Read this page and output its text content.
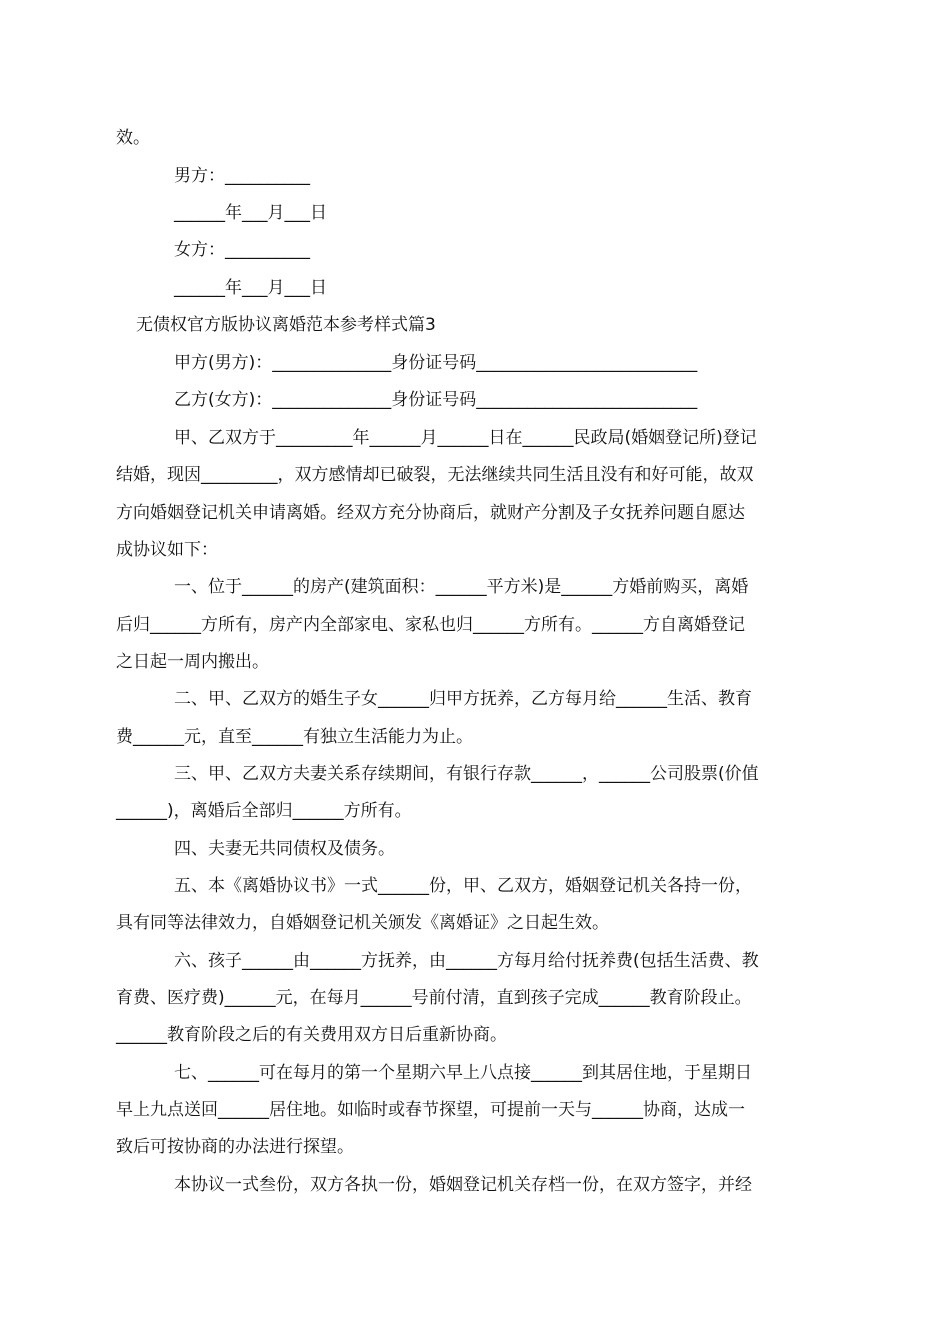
效。

男方：__________

______年___月___日

女方：__________

______年___月___日

无债权官方版协议离婚范本参考样式篇3

甲方(男方)：______________身份证号码__________________________

乙方(女方)：______________身份证号码__________________________

甲、乙双方于_________年______月______日在______民政局(婚姻登记所)登记

结婚，现因_________，双方感情却已破裂，无法继续共同生活且没有和好可能，故双

方向婚姻登记机关申请离婚。经双方充分协商后，就财产分割及子女抚养问题自愿达

成协议如下：

一、位于______的房产(建筑面积：______平方米)是______方婚前购买，离婚

后归______方所有，房产内全部家电、家私也归______方所有。______方自离婚登记

之日起一周内搬出。

二、甲、乙双方的婚生子女______归甲方抚养，乙方每月给______生活、教育

费______元，直至______有独立生活能力为止。

三、甲、乙双方夫妻关系存续期间，有银行存款______，______公司股票(价值

______)，离婚后全部归______方所有。

四、夫妻无共同债权及债务。

五、本《离婚协议书》一式______份，甲、乙双方，婚姻登记机关各持一份，

具有同等法律效力，自婚姻登记机关颁发《离婚证》之日起生效。

六、孩子______由______方抚养，由______方每月给付抚养费(包括生活费、教

育费、医疗费)______元，在每月______号前付清，直到孩子完成______教育阶段止。

______教育阶段之后的有关费用双方日后重新协商。

七、______可在每月的第一个星期六早上八点接______到其居住地，于星期日

早上九点送回______居住地。如临时或春节探望，可提前一天与______协商，达成一

致后可按协商的办法进行探望。

本协议一式叁份，双方各执一份，婚姻登记机关存档一份，在双方签字，并经
